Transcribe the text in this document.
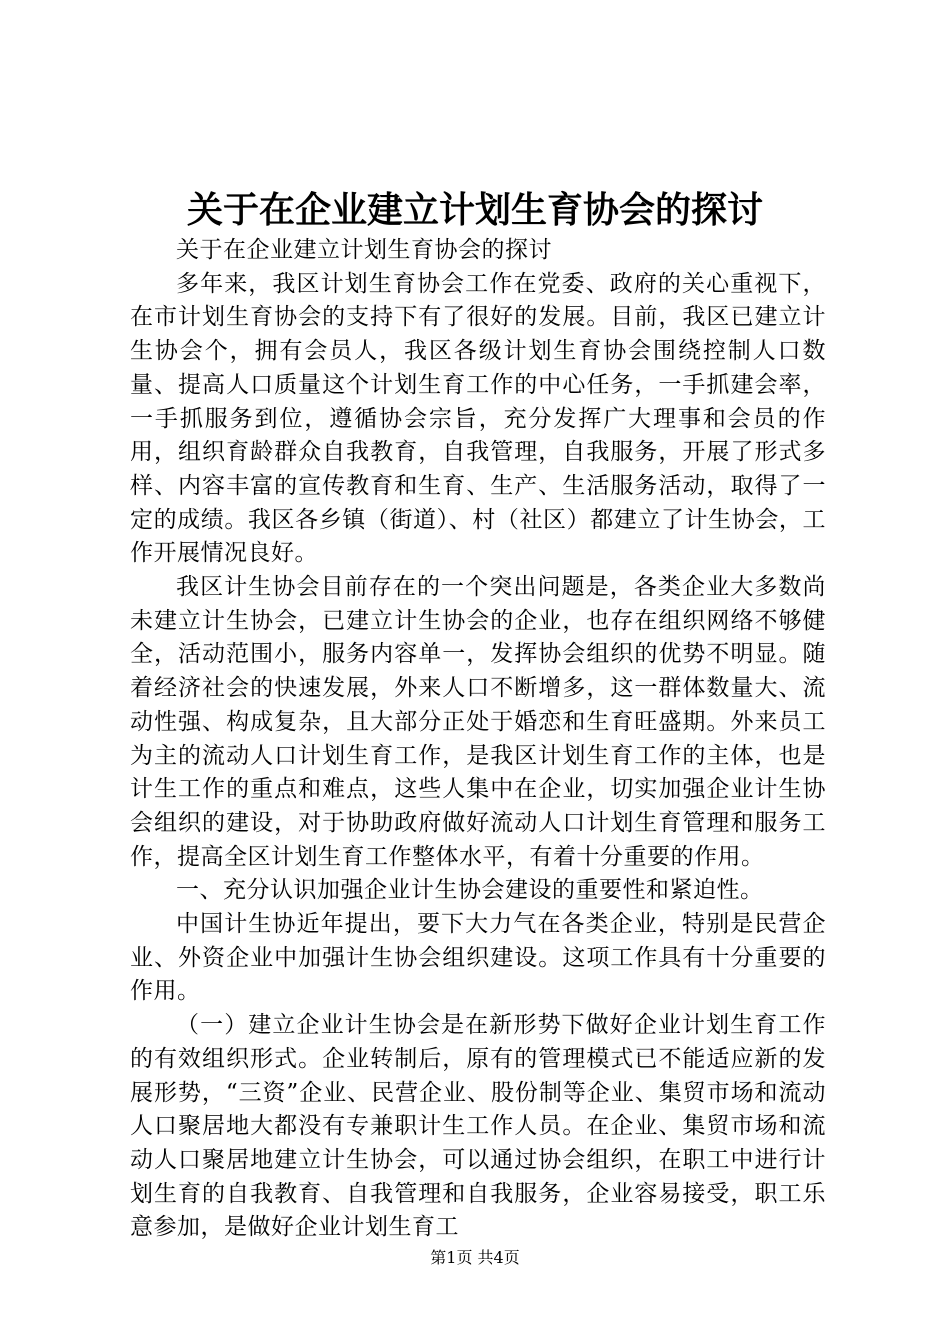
关于在企业建立计划生育协会的探讨

关于在企业建立计划生育协会的探讨

多年来，我区计划生育协会工作在党委、政府的关心重视下，在市计划生育协会的支持下有了很好的发展。目前，我区已建立计生协会个，拥有会员人，我区各级计划生育协会围绕控制人口数量、提高人口质量这个计划生育工作的中心任务，一手抓建会率，一手抓服务到位，遵循协会宗旨，充分发挥广大理事和会员的作用，组织育龄群众自我教育，自我管理，自我服务，开展了形式多样、内容丰富的宣传教育和生育、生产、生活服务活动，取得了一定的成绩。我区各乡镇（街道）、村（社区）都建立了计生协会，工作开展情况良好。

我区计生协会目前存在的一个突出问题是，各类企业大多数尚未建立计生协会，已建立计生协会的企业，也存在组织网络不够健全，活动范围小，服务内容单一，发挥协会组织的优势不明显。随着经济社会的快速发展，外来人口不断增多，这一群体数量大、流动性强、构成复杂，且大部分正处于婚恋和生育旺盛期。外来员工为主的流动人口计划生育工作，是我区计划生育工作的主体，也是计生工作的重点和难点，这些人集中在企业，切实加强企业计生协会组织的建设，对于协助政府做好流动人口计划生育管理和服务工作，提高全区计划生育工作整体水平，有着十分重要的作用。

一、充分认识加强企业计生协会建设的重要性和紧迫性。

中国计生协近年提出，要下大力气在各类企业，特别是民营企业、外资企业中加强计生协会组织建设。这项工作具有十分重要的作用。

（一）建立企业计生协会是在新形势下做好企业计划生育工作的有效组织形式。企业转制后，原有的管理模式已不能适应新的发展形势，“三资”企业、民营企业、股份制等企业、集贸市场和流动人口聚居地大都没有专兼职计生工作人员。在企业、集贸市场和流动人口聚居地建立计生协会，可以通过协会组织，在职工中进行计划生育的自我教育、自我管理和自我服务，企业容易接受，职工乐意参加，是做好企业计划生育工

第1页 共4页
